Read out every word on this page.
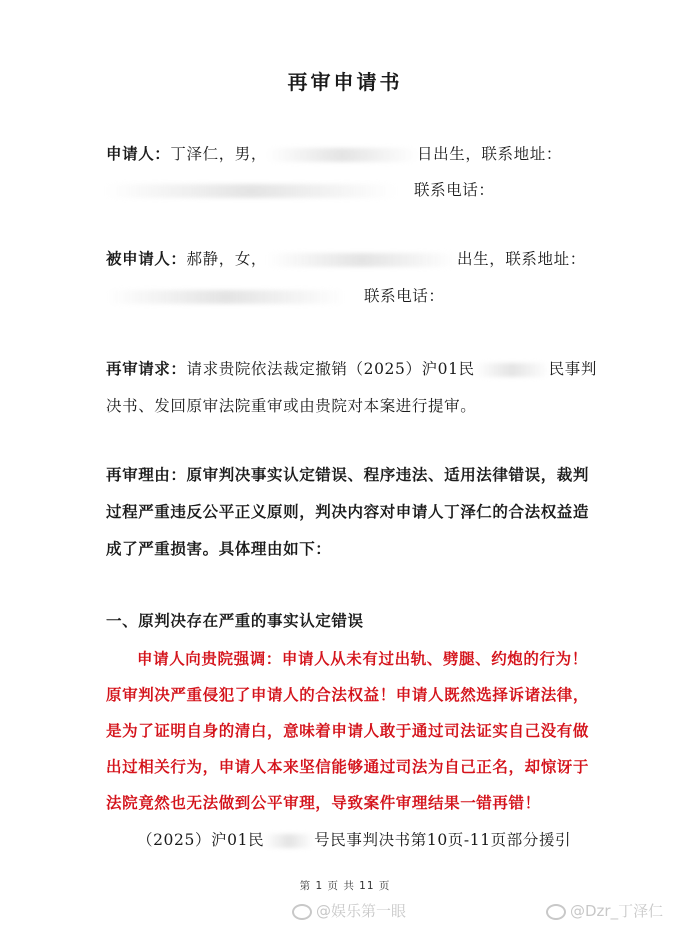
再审申请书
申请人：丁泽仁，男，	日出生，联系地址：
联系电话：
被申请人：郝静，女，	出生，联系地址：
联系电话：
再审请求：请求贵院依法裁定撤销（2025）沪01民	民事判
决书、发回原审法院重审或由贵院对本案进行提审。
再审理由：原审判决事实认定错误、程序违法、适用法律错误，裁判
过程严重违反公平正义原则，判决内容对申请人丁泽仁的合法权益造
成了严重损害。具体理由如下：
一、原判决存在严重的事实认定错误
申请人向贵院强调：申请人从未有过出轨、劈腿、约炮的行为！
原审判决严重侵犯了申请人的合法权益！申请人既然选择诉诸法律，
是为了证明自身的清白，意味着申请人敢于通过司法证实自己没有做
出过相关行为，申请人本来坚信能够通过司法为自己正名，却惊讶于
法院竟然也无法做到公平审理，导致案件审理结果一错再错！
（2025）沪01民	号民事判决书第10页-11页部分援引
第 1 页 共 11 页
@娱乐第一眼	@Dzr_丁泽仁
